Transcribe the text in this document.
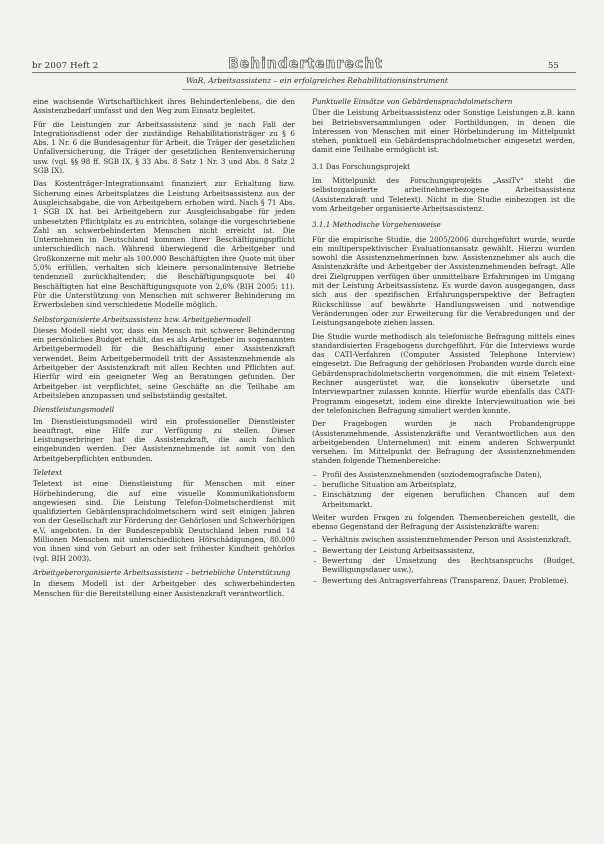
br 2007 Heft 2	Behindertenrecht	55
WaR, Arbeitsassistenz – ein erfolgreiches Rehabilitationsinstrument

eine wachsende Wirtschaftlichkeit ihres Behindertenlebens, die den Assistenzbedarf umfasst und den Weg zum Einsatz begleitet.

Für die Leistungen zur Arbeitsassistenz sind je nach Fall der Integrationsdienst oder der zuständige Rehabilitationsträger zu § 6 Abs. 1 Nr. 6 die Bundesagentur für Arbeit, die Träger der gesetzlichen Unfallversicherung, die Träger der gesetzlichen Rentenversicherung usw. (vgl. §§ 98 ff. SGB IX, § 33 Abs. 8 Satz 1 Nr. 3 und Abs. 8 Satz 2 SGB IX).

Das Kostenträger-Integrationsamt finanziert zur Erhaltung bzw. Sicherung eines Arbeitsplatzes die Leistung Arbeitsassistenz aus der Ausgleichsabgabe, die von Arbeitgebern erhoben wird. Nach § 71 Abs. 1 SGB IX hat bei Arbeitgebern zur Ausgleichsabgabe für jeden unbesetzten Pflichtplatz es zu entrichten, solange die vorgeschriebene Zahl an schwerbehinderten Menschen nicht erreicht ist. Die Unternehmen in Deutschland kommen ihrer Beschäftigungspflicht unterschiedlich nach. Während überwiegend die Arbeitgeber und Großkonzerne mit mehr als 100.000 Beschäftigten ihre Quote mit über 5,0% erfüllen, verhalten sich kleinere personalintensive Betriebe tendenziell zurückhaltender; die Beschäftigungsquote bei 40 Beschäftigten hat eine Beschäftigungsquote von 2,6% (BIH 2005: 11). Für die Unterstützung von Menschen mit schwerer Behinderung im Erwerbsleben sind verschiedene Modelle möglich.

Selbstorganisierte Arbeitsassistenz bzw. Arbeitgebermodell

Dieses Modell sieht vor, dass ein Mensch mit schwerer Behinderung ein persönliches Budget erhält, das es als Arbeitgeber im sogenannten Arbeitgebermodell für die Beschäftigung einer Assistenzkraft verwendet. Beim Arbeitgebermodell tritt der Assistenznehmende als Arbeitgeber der Assistenzkraft mit allen Rechten und Pflichten auf. Hierfür wird ein geeigneter Weg an Beratungen gefunden. Der Arbeitgeber ist verpflichtet, seine Geschäfte an die Teilhabe am Arbeitsleben anzupassen und selbstständig gestaltet.

Dienstleistungsmodell

Im Dienstleistungsmodell wird ein professioneller Dienstleister beauftragt, eine Hilfe zur Verfügung zu stellen. Dieser Leistungserbringer hat die Assistenzkraft, die auch fachlich eingebunden werden. Der Assistenznehmende ist somit von den Arbeitgeberpflichten entbunden.

Teletext

Teletext ist eine Dienstleistung für Menschen mit einer Hörbehinderung, die auf eine visuelle Kommunikationsform angewiesen sind. Die Leistung Telefon-Dolmetscherdienst mit qualifizierten Gebärdensprachdolmetschern wird seit einigen Jahren von der Gesellschaft zur Förderung der Gehörlosen und Schwerhörigen e.V. angeboten. In der Bundesrepublik Deutschland leben rund 14 Millionen Menschen mit unterschiedlichen Hörschädigungen, 80.000 von ihnen sind von Geburt an oder seit frühester Kindheit gehörlos (vgl. BIH 2003).

Arbeitgeberorganisierte Arbeitsassistenz – betriebliche Unterstützung

In diesem Modell ist der Arbeitgeber des schwerbehinderten Menschen für die Bereitstellung einer Assistenzkraft verantwortlich.

Punktuelle Einsätze von Gebärdensprachdolmetschern

Über die Leistung Arbeitsassistenz oder Sonstige Leistungen z.B. kann bei Betriebsversammlungen oder Fortbildungen, in denen die Interessen von Menschen mit einer Hörbehinderung im Mittelpunkt stehen, punktuell ein Gebärdensprachdolmetscher eingesetzt werden, damit eine Teilhabe ermöglicht ist.

3.1 Das Forschungsprojekt

Im Mittelpunkt des Forschungsprojekts „AssiTv“ steht die selbstorganisierte arbeitnehmerbezogene Arbeitsassistenz (Assistenzkraft und Teletext). Nicht in die Studie einbezogen ist die vom Arbeitgeber organisierte Arbeitsassistenz.

3.1.1 Methodische Vorgehensweise

Für die empirische Studie, die 2005/2006 durchgeführt wurde, wurde ein multiperspektivischer Evaluationsansatz gewählt. Hierzu wurden sowohl die Assistenznehmerinnen bzw. Assistenznehmer als auch die Assistenzkräfte und Arbeitgeber der Assistenznehmenden befragt. Alle drei Zielgruppen verfügen über unmittelbare Erfahrungen im Umgang mit der Leistung Arbeitsassistenz. Es wurde davon ausgegangen, dass sich aus der spezifischen Erfahrungsperspektive der Befragten Rückschlüsse auf bewährte Handlungsweisen und notwendige Veränderungen oder zur Erweiterung für die Verabredungen und der Leistungsangebote ziehen lassen.

Die Studie wurde methodisch als telefonische Befragung mittels eines standardisierten Fragebogens durchgeführt. Für die Interviews wurde das CATI-Verfahren (Computer Assisted Telephone Interview) eingesetzt. Die Befragung der gehörlosen Probanden wurde durch eine Gebärdensprachdolmetscherin vorgenommen, die mit einem Teletext-Rechner ausgerüstet war, die konsekutiv übersetzte und Interviewpartner zulassen konnte. Hierfür wurde ebenfalls das CATI-Programm eingesetzt, indem eine direkte Interviewsituation wie bei der telefonischen Befragung simuliert werden konnte.

Der Fragebogen wurden je nach Probandengruppe (Assistenznehmende, Assistenzkräfte und Verantwortlichen aus den arbeitgebenden Unternehmen) mit einem anderen Schwerpunkt versehen. Im Mittelpunkt der Befragung der Assistenznehmenden standen folgende Themenbereiche:

– Profil des Assistenznehmenden (soziodemografische Daten),
– berufliche Situation am Arbeitsplatz,
– Einschätzung der eigenen beruflichen Chancen auf dem Arbeitsmarkt.

Weiter wurden Fragen zu folgenden Themenbereichen gestellt, die ebenso Gegenstand der Befragung der Assistenzkräfte waren:

– Verhältnis zwischen assistenznehmender Person und Assistenzkraft,
– Bewertung der Leistung Arbeitsassistenz,
– Bewertung der Umsetzung des Rechtsanspruchs (Budget, Bewilligungsdauer usw.),
– Bewertung des Antragsverfahrens (Transparenz, Dauer, Probleme).
